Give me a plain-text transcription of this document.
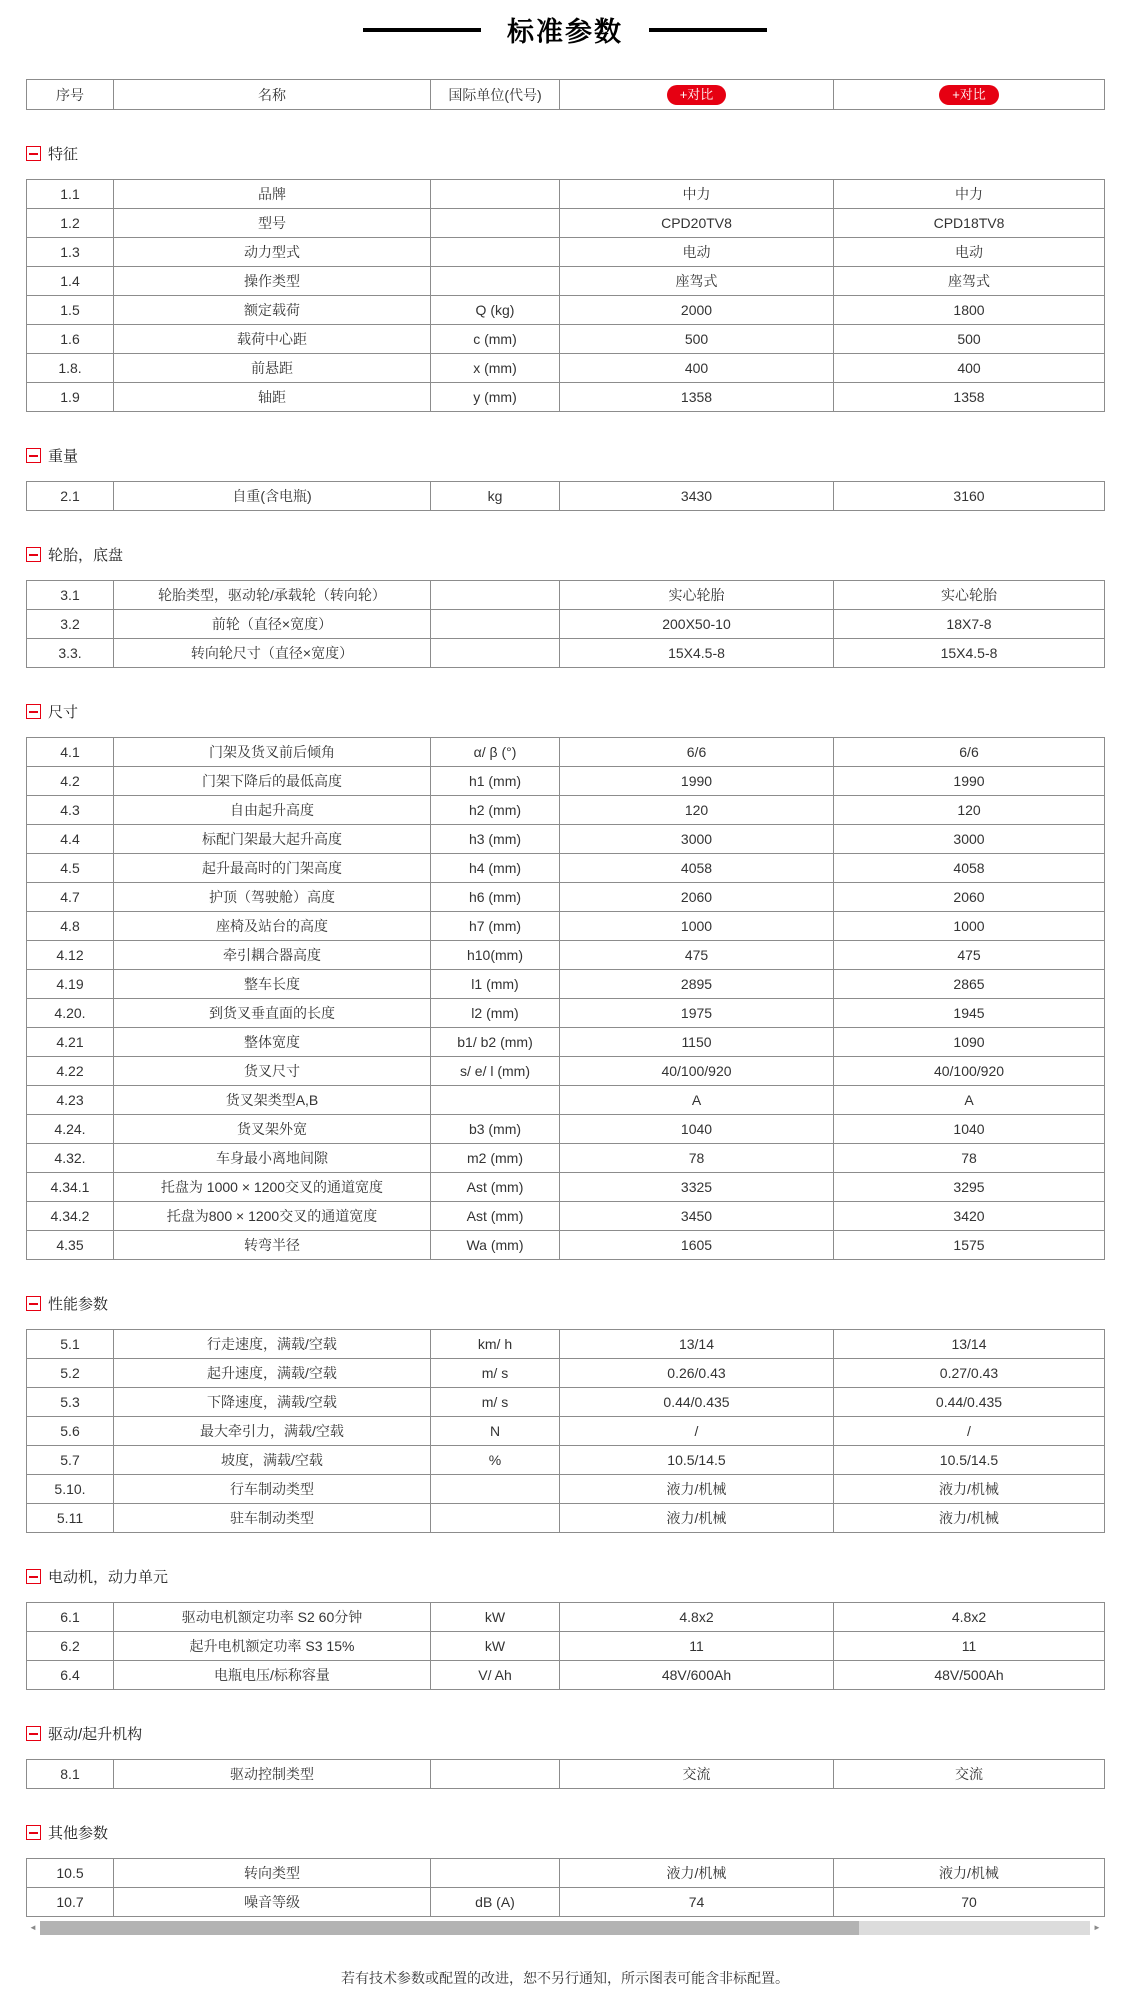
标准参数
序号	名称	国际单位(代号)	+对比	+对比
特征
1.1	品牌		中力	中力
1.2	型号		CPD20TV8	CPD18TV8
1.3	动力型式		电动	电动
1.4	操作类型		座驾式	座驾式
1.5	额定载荷	Q (kg)	2000	1800
1.6	载荷中心距	c (mm)	500	500
1.8.	前悬距	x (mm)	400	400
1.9	轴距	y (mm)	1358	1358
重量
2.1	自重(含电瓶)	kg	3430	3160
轮胎，底盘
3.1	轮胎类型，驱动轮/承载轮（转向轮）		实心轮胎	实心轮胎
3.2	前轮（直径×宽度）		200X50-10	18X7-8
3.3.	转向轮尺寸（直径×宽度）		15X4.5-8	15X4.5-8
尺寸
4.1	门架及货叉前后倾角	α/ β (°)	6/6	6/6
4.2	门架下降后的最低高度	h1 (mm)	1990	1990
4.3	自由起升高度	h2 (mm)	120	120
4.4	标配门架最大起升高度	h3 (mm)	3000	3000
4.5	起升最高时的门架高度	h4 (mm)	4058	4058
4.7	护顶（驾驶舱）高度	h6 (mm)	2060	2060
4.8	座椅及站台的高度	h7 (mm)	1000	1000
4.12	牵引耦合器高度	h10(mm)	475	475
4.19	整车长度	l1 (mm)	2895	2865
4.20.	到货叉垂直面的长度	l2 (mm)	1975	1945
4.21	整体宽度	b1/ b2 (mm)	1150	1090
4.22	货叉尺寸	s/ e/ l (mm)	40/100/920	40/100/920
4.23	货叉架类型A,B		A	A
4.24.	货叉架外宽	b3 (mm)	1040	1040
4.32.	车身最小离地间隙	m2 (mm)	78	78
4.34.1	托盘为 1000 × 1200交叉的通道宽度	Ast (mm)	3325	3295
4.34.2	托盘为800 × 1200交叉的通道宽度	Ast (mm)	3450	3420
4.35	转弯半径	Wa (mm)	1605	1575
性能参数
5.1	行走速度，满载/空载	km/ h	13/14	13/14
5.2	起升速度，满载/空载	m/ s	0.26/0.43	0.27/0.43
5.3	下降速度，满载/空载	m/ s	0.44/0.435	0.44/0.435
5.6	最大牵引力，满载/空载	N	/	/
5.7	坡度，满载/空载	%	10.5/14.5	10.5/14.5
5.10.	行车制动类型		液力/机械	液力/机械
5.11	驻车制动类型		液力/机械	液力/机械
电动机，动力单元
6.1	驱动电机额定功率 S2 60分钟	kW	4.8x2	4.8x2
6.2	起升电机额定功率 S3 15%	kW	11	11
6.4	电瓶电压/标称容量	V/ Ah	48V/600Ah	48V/500Ah
驱动/起升机构
8.1	驱动控制类型		交流	交流
其他参数
10.5	转向类型		液力/机械	液力/机械
10.7	噪音等级	dB (A)	74	70
◄	►
若有技术参数或配置的改进，恕不另行通知，所示图表可能含非标配置。
